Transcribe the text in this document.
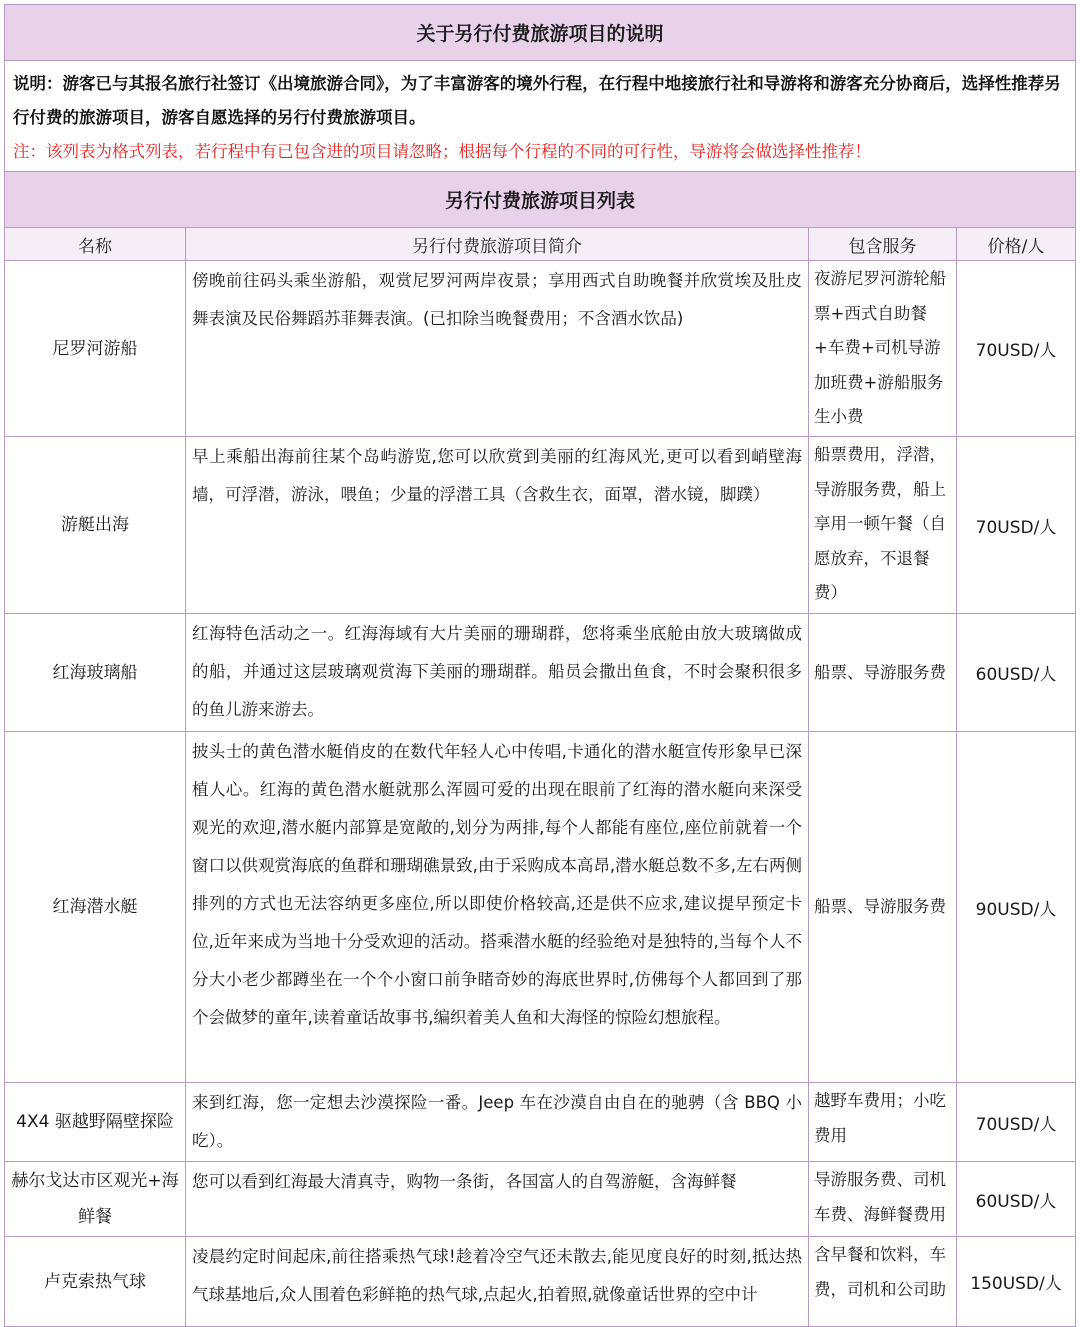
关于另行付费旅游项目的说明			

说明：游客已与其报名旅行社签订《出境旅游合同》，为了丰富游客的境外行程，在行程中地接旅行社和导游将和游客充分协商后，选择性推荐另行付费的旅游项目，游客自愿选择的另行付费旅游项目。
注：该列表为格式列表，若行程中有已包含进的项目请忽略；根据每个行程的不同的可行性，导游将会做选择性推荐！			

另行付费旅游项目列表			
名称	另行付费旅游项目简介	包含服务	价格/人
尼罗河游船	傍晚前往码头乘坐游船，观赏尼罗河两岸夜景；享用西式自助晚餐并欣赏埃及肚皮舞表演及民俗舞蹈苏菲舞表演。(已扣除当晚餐费用；不含酒水饮品)	夜游尼罗河游轮船票+西式自助餐+车费+司机导游加班费+游船服务生小费	70USD/人
游艇出海	早上乘船出海前往某个岛屿游览,您可以欣赏到美丽的红海风光,更可以看到峭壁海墙，可浮潜，游泳，喂鱼；少量的浮潜工具（含救生衣，面罩，潜水镜，脚蹼）	船票费用，浮潜，导游服务费，船上享用一顿午餐（自愿放弃，不退餐费）	70USD/人
红海玻璃船	红海特色活动之一。红海海域有大片美丽的珊瑚群，您将乘坐底舱由放大玻璃做成的船，并通过这层玻璃观赏海下美丽的珊瑚群。船员会撒出鱼食，不时会聚积很多的鱼儿游来游去。	船票、导游服务费	60USD/人
红海潜水艇	披头士的黄色潜水艇俏皮的在数代年轻人心中传唱,卡通化的潜水艇宣传形象早已深植人心。红海的黄色潜水艇就那么浑圆可爱的出现在眼前了红海的潜水艇向来深受观光的欢迎,潜水艇内部算是宽敞的,划分为两排,每个人都能有座位,座位前就着一个窗口以供观赏海底的鱼群和珊瑚礁景致,由于采购成本高昂,潜水艇总数不多,左右两侧排列的方式也无法容纳更多座位,所以即使价格较高,还是供不应求,建议提早预定卡位,近年来成为当地十分受欢迎的活动。搭乘潜水艇的经验绝对是独特的,当每个人不分大小老少都蹲坐在一个个小窗口前争睹奇妙的海底世界时,仿佛每个人都回到了那个会做梦的童年,读着童话故事书,编织着美人鱼和大海怪的惊险幻想旅程。	船票、导游服务费	90USD/人
4X4 驱越野隔壁探险	来到红海，您一定想去沙漠探险一番。Jeep 车在沙漠自由自在的驰骋（含 BBQ 小吃）。	越野车费用；小吃费用	70USD/人
赫尔戈达市区观光+海鲜餐	您可以看到红海最大清真寺，购物一条街，各国富人的自驾游艇，含海鲜餐	导游服务费、司机车费、海鲜餐费用	60USD/人
卢克索热气球	凌晨约定时间起床,前往搭乘热气球!趁着冷空气还未散去,能见度良好的时刻,抵达热气球基地后,众人围着色彩鲜艳的热气球,点起火,拍着照,就像童话世界的空中计	含早餐和饮料，车费，司机和公司助	150USD/人
